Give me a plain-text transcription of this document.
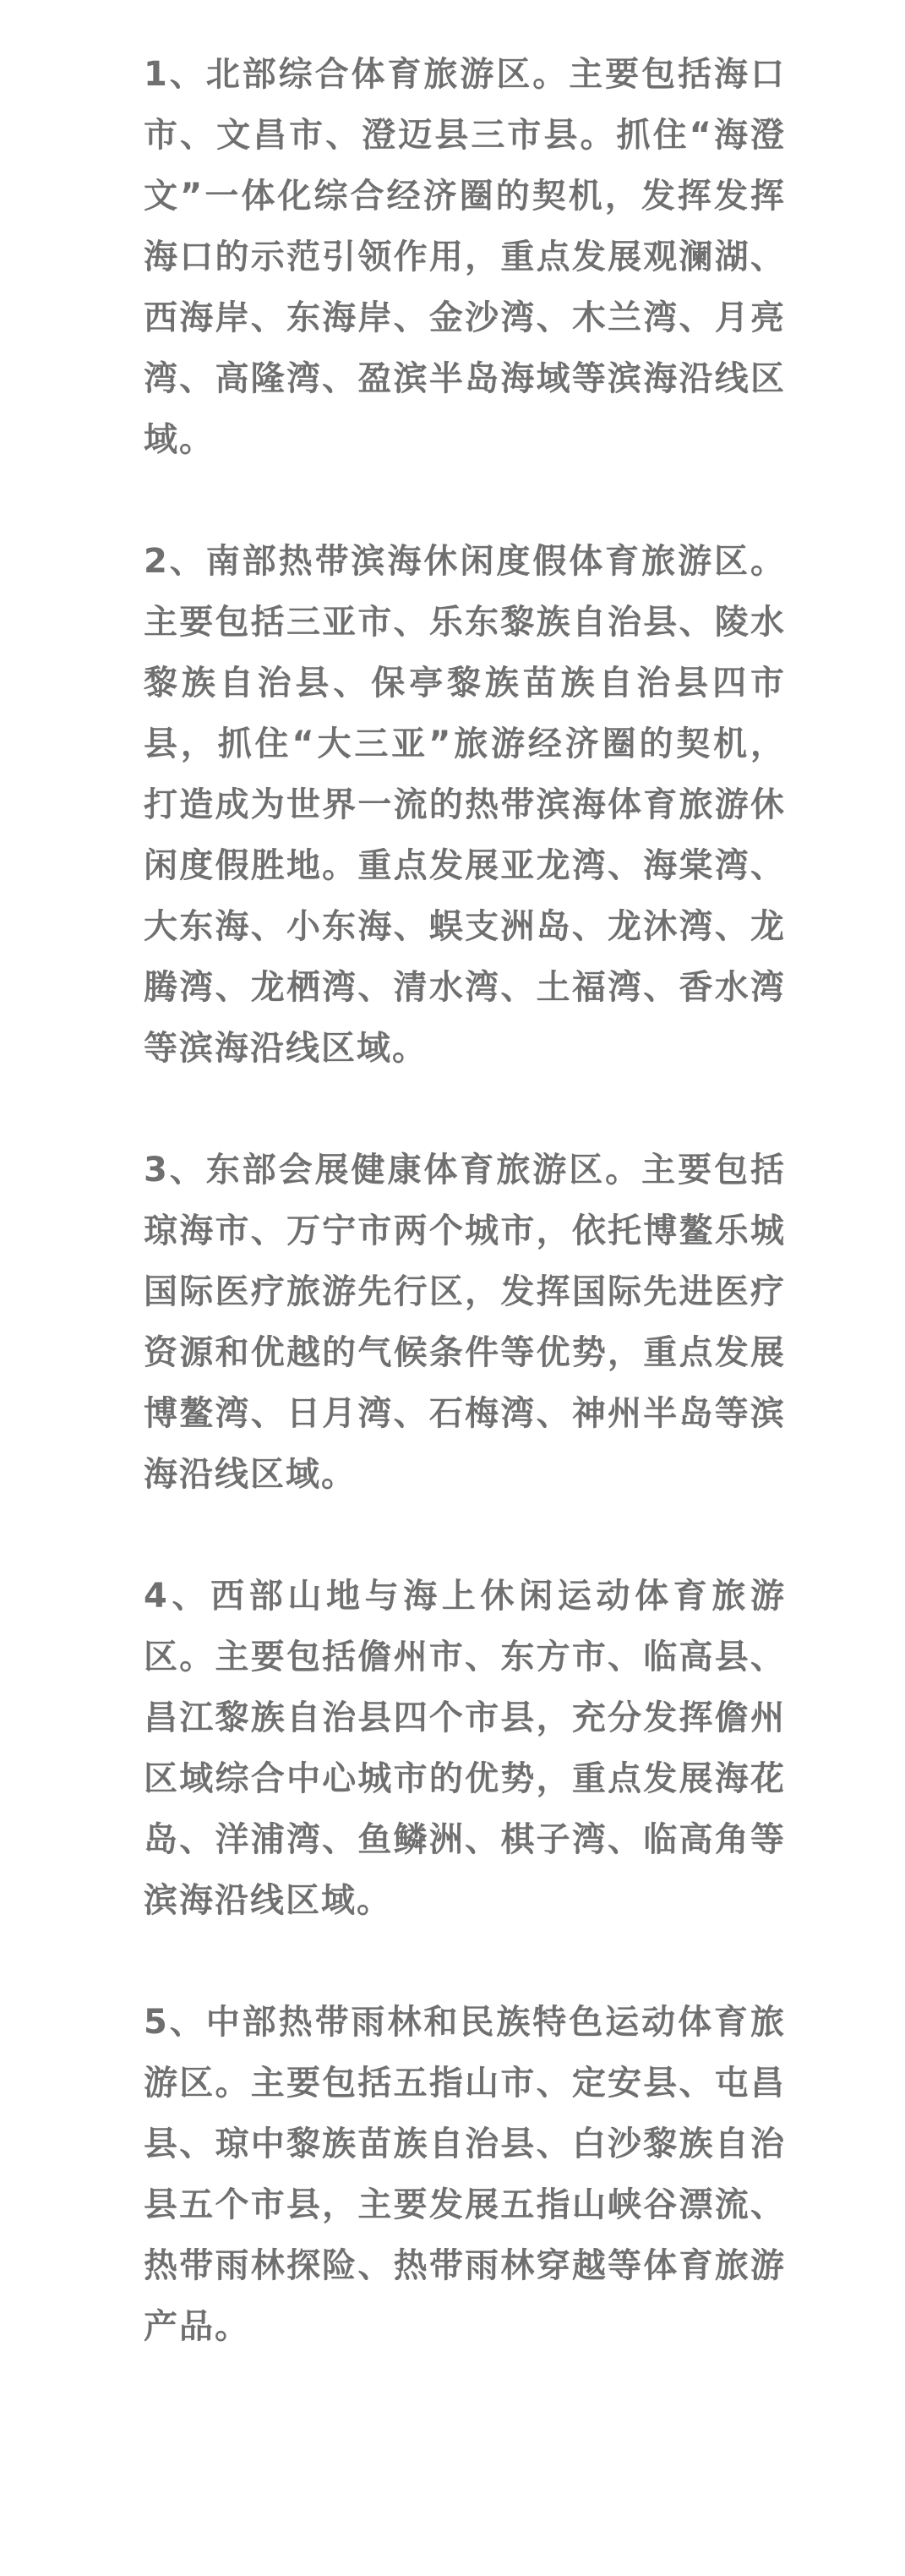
1、北部综合体育旅游区。主要包括海口市、文昌市、澄迈县三市县。抓住“海澄文”一体化综合经济圈的契机，发挥发挥海口的示范引领作用，重点发展观澜湖、西海岸、东海岸、金沙湾、木兰湾、月亮湾、高隆湾、盈滨半岛海域等滨海沿线区域。

2、南部热带滨海休闲度假体育旅游区。主要包括三亚市、乐东黎族自治县、陵水黎族自治县、保亭黎族苗族自治县四市县，抓住“大三亚”旅游经济圈的契机，打造成为世界一流的热带滨海体育旅游休闲度假胜地。重点发展亚龙湾、海棠湾、大东海、小东海、蜈支洲岛、龙沐湾、龙腾湾、龙栖湾、清水湾、土福湾、香水湾等滨海沿线区域。

3、东部会展健康体育旅游区。主要包括琼海市、万宁市两个城市，依托博鳌乐城国际医疗旅游先行区，发挥国际先进医疗资源和优越的气候条件等优势，重点发展博鳌湾、日月湾、石梅湾、神州半岛等滨海沿线区域。

4、西部山地与海上休闲运动体育旅游区。主要包括儋州市、东方市、临高县、昌江黎族自治县四个市县，充分发挥儋州区域综合中心城市的优势，重点发展海花岛、洋浦湾、鱼鳞洲、棋子湾、临高角等滨海沿线区域。

5、中部热带雨林和民族特色运动体育旅游区。主要包括五指山市、定安县、屯昌县、琼中黎族苗族自治县、白沙黎族自治县五个市县，主要发展五指山峡谷漂流、热带雨林探险、热带雨林穿越等体育旅游产品。
